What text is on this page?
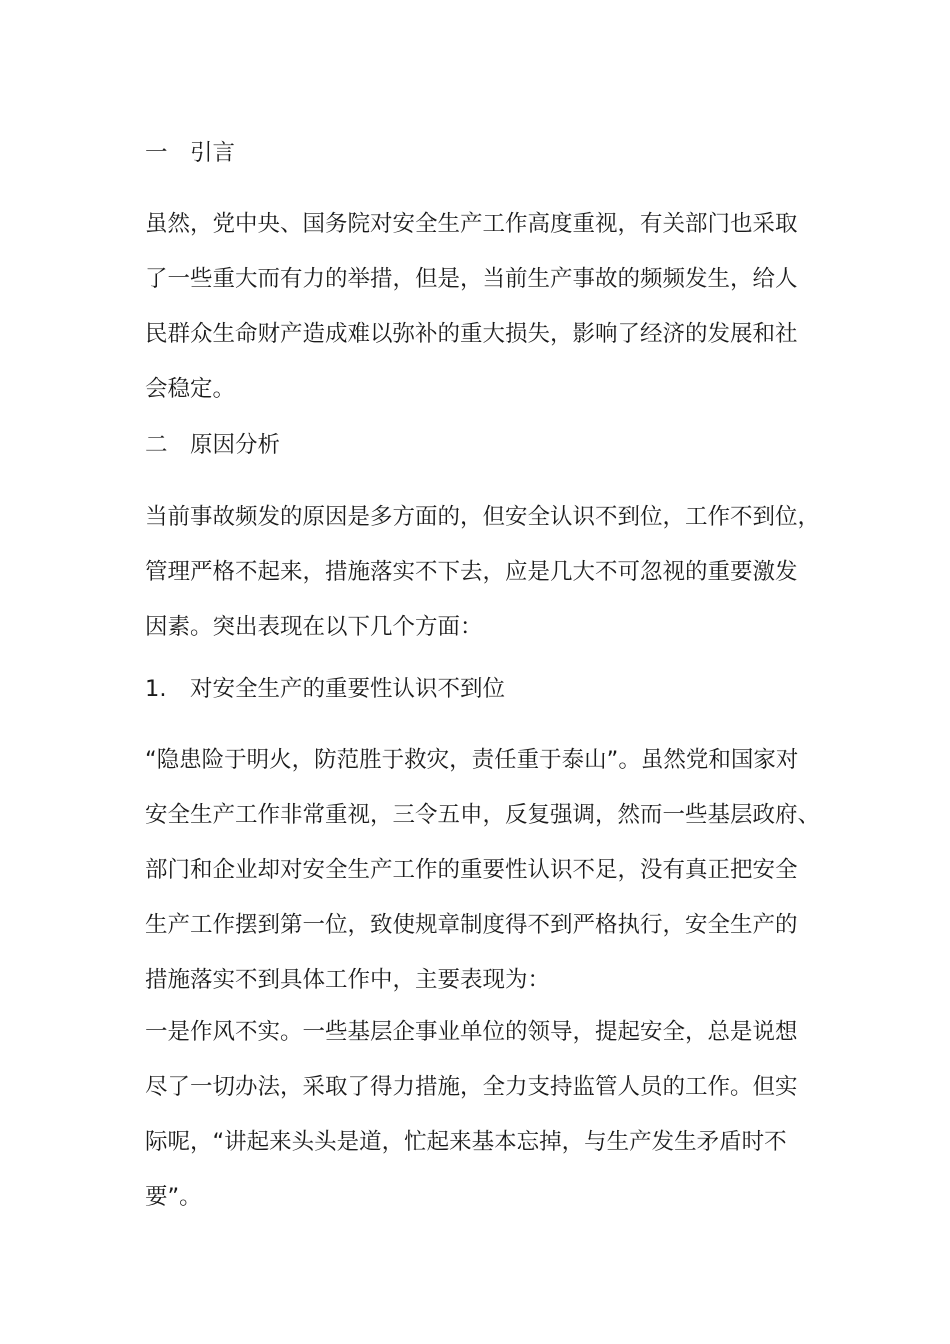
一 引言
虽然，党中央、国务院对安全生产工作高度重视，有关部门也采取
了一些重大而有力的举措，但是，当前生产事故的频频发生，给人
民群众生命财产造成难以弥补的重大损失，影响了经济的发展和社
会稳定。
二 原因分析
当前事故频发的原因是多方面的，但安全认识不到位，工作不到位，
管理严格不起来，措施落实不下去，应是几大不可忽视的重要激发
因素。突出表现在以下几个方面：
1. 对安全生产的重要性认识不到位
“隐患险于明火，防范胜于救灾，责任重于泰山”。虽然党和国家对
安全生产工作非常重视，三令五申，反复强调，然而一些基层政府、
部门和企业却对安全生产工作的重要性认识不足，没有真正把安全
生产工作摆到第一位，致使规章制度得不到严格执行，安全生产的
措施落实不到具体工作中，主要表现为：
一是作风不实。一些基层企事业单位的领导，提起安全，总是说想
尽了一切办法，采取了得力措施，全力支持监管人员的工作。但实
际呢，“讲起来头头是道，忙起来基本忘掉，与生产发生矛盾时不
要”。
